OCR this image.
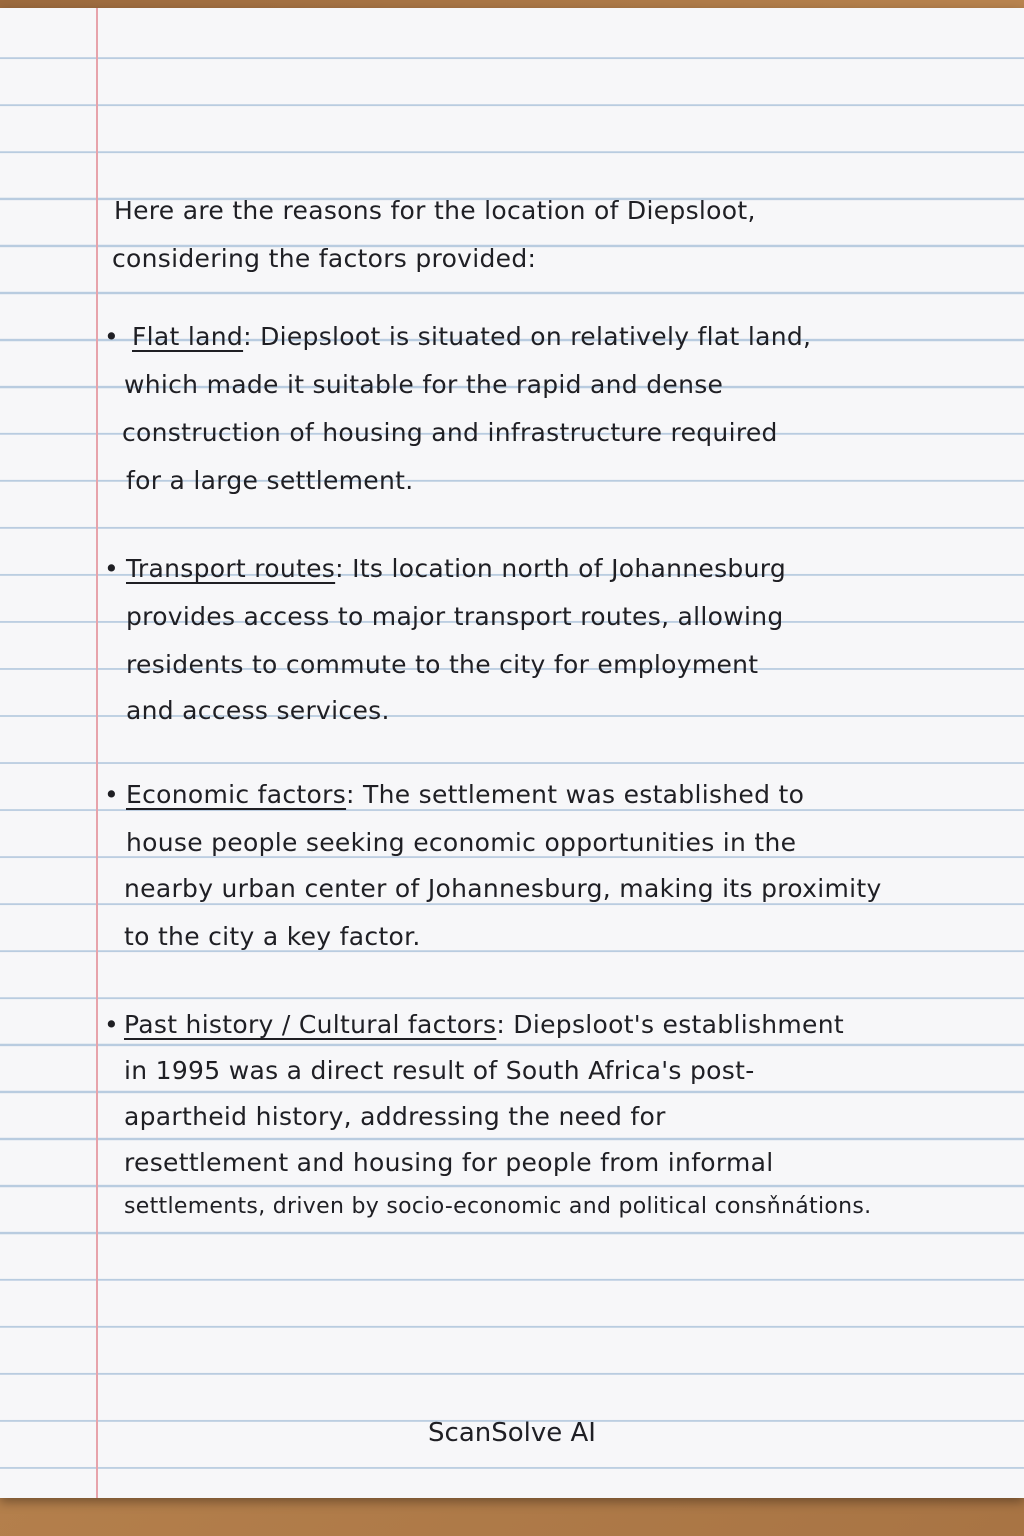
Here are the reasons for the location of Diepsloot,
considering the factors provided:
• Flat land: Diepsloot is situated on relatively flat land,
which made it suitable for the rapid and dense
construction of housing and infrastructure required
for a large settlement.
• Transport routes: Its location north of Johannesburg
provides access to major transport routes, allowing
residents to commute to the city for employment
and access services.
• Economic factors: The settlement was established to
house people seeking economic opportunities in the
nearby urban center of Johannesburg, making its proximity
to the city a key factor.
• Past history / Cultural factors: Diepsloot's establishment
in 1995 was a direct result of South Africa's post-
apartheid history, addressing the need for
resettlement and housing for people from informal
settlements, driven by socio-economic and political consňnátions.
ScanSolve AI
